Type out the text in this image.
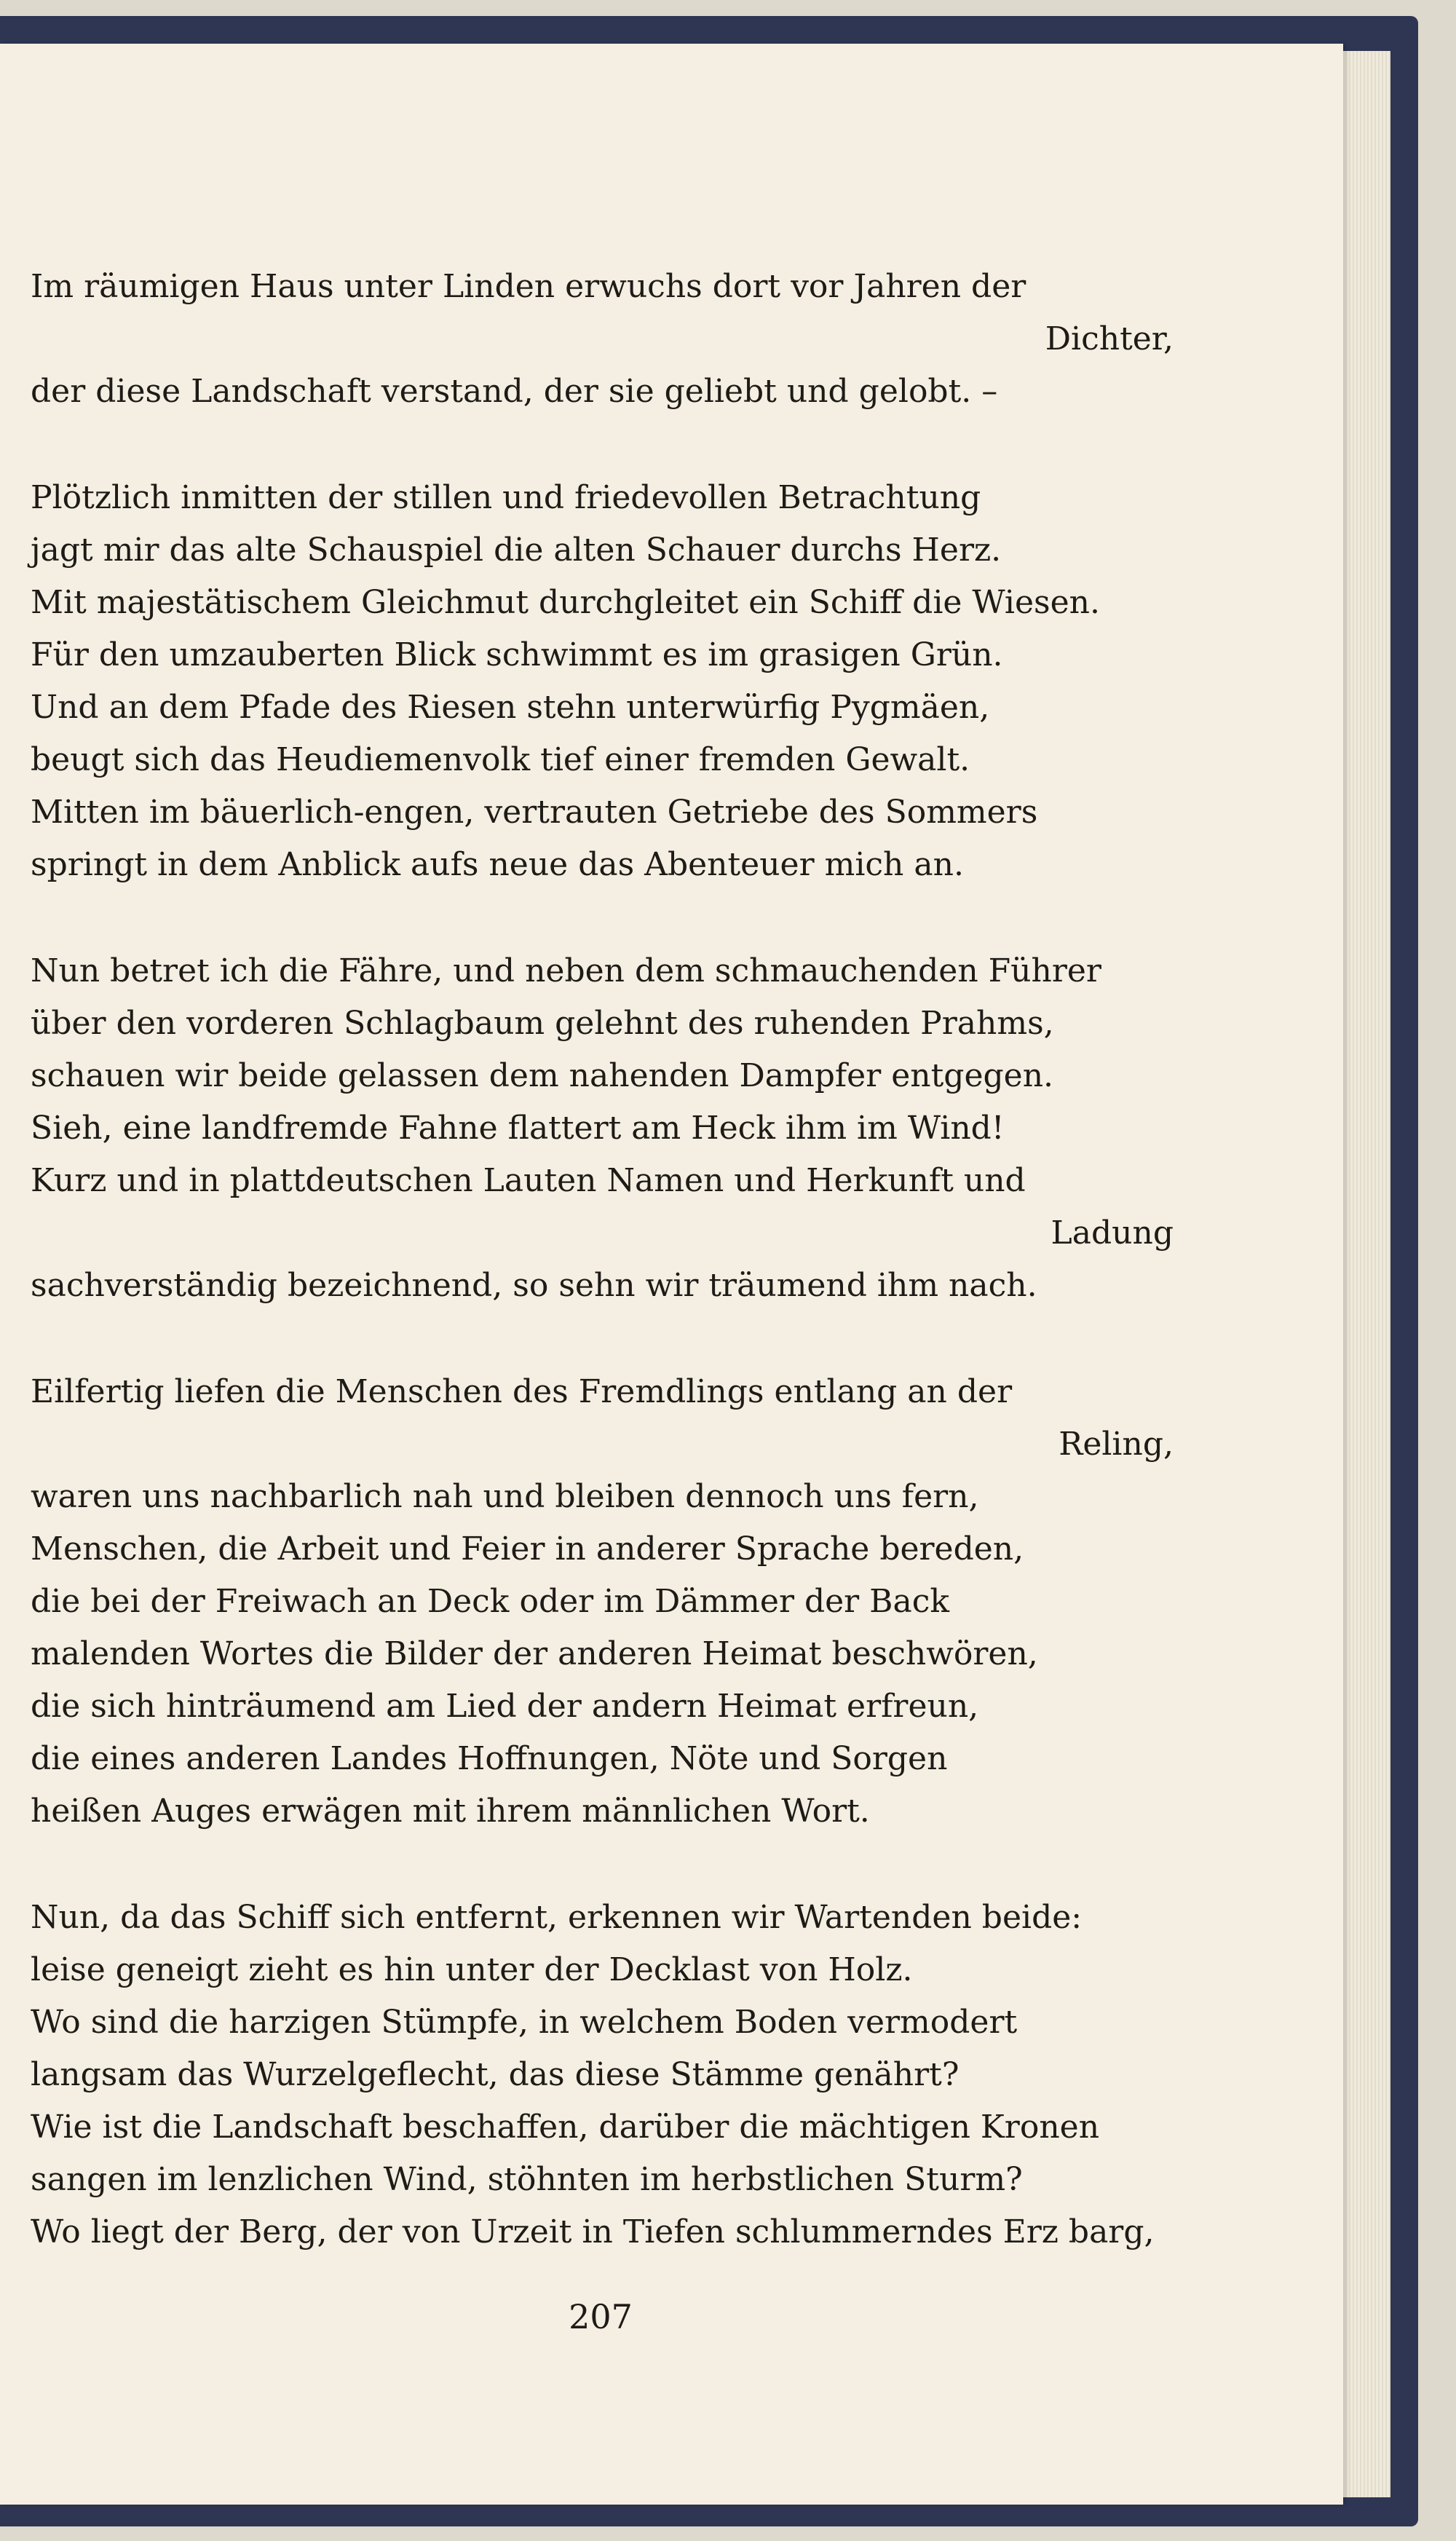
Im räumigen Haus unter Linden erwuchs dort vor Jahren der
Dichter,
der diese Landschaft verstand, der sie geliebt und gelobt. –
Plötzlich inmitten der stillen und friedevollen Betrachtung
jagt mir das alte Schauspiel die alten Schauer durchs Herz.
Mit majestätischem Gleichmut durchgleitet ein Schiff die Wiesen.
Für den umzauberten Blick schwimmt es im grasigen Grün.
Und an dem Pfade des Riesen stehn unterwürfig Pygmäen,
beugt sich das Heudiemenvolk tief einer fremden Gewalt.
Mitten im bäuerlich-engen, vertrauten Getriebe des Sommers
springt in dem Anblick aufs neue das Abenteuer mich an.
Nun betret ich die Fähre, und neben dem schmauchenden Führer
über den vorderen Schlagbaum gelehnt des ruhenden Prahms,
schauen wir beide gelassen dem nahenden Dampfer entgegen.
Sieh, eine landfremde Fahne flattert am Heck ihm im Wind!
Kurz und in plattdeutschen Lauten Namen und Herkunft und
Ladung
sachverständig bezeichnend, so sehn wir träumend ihm nach.
Eilfertig liefen die Menschen des Fremdlings entlang an der
Reling,
waren uns nachbarlich nah und bleiben dennoch uns fern,
Menschen, die Arbeit und Feier in anderer Sprache bereden,
die bei der Freiwach an Deck oder im Dämmer der Back
malenden Wortes die Bilder der anderen Heimat beschwören,
die sich hinträumend am Lied der andern Heimat erfreun,
die eines anderen Landes Hoffnungen, Nöte und Sorgen
heißen Auges erwägen mit ihrem männlichen Wort.
Nun, da das Schiff sich entfernt, erkennen wir Wartenden beide:
leise geneigt zieht es hin unter der Decklast von Holz.
Wo sind die harzigen Stümpfe, in welchem Boden vermodert
langsam das Wurzelgeflecht, das diese Stämme genährt?
Wie ist die Landschaft beschaffen, darüber die mächtigen Kronen
sangen im lenzlichen Wind, stöhnten im herbstlichen Sturm?
Wo liegt der Berg, der von Urzeit in Tiefen schlummerndes Erz barg,
207
